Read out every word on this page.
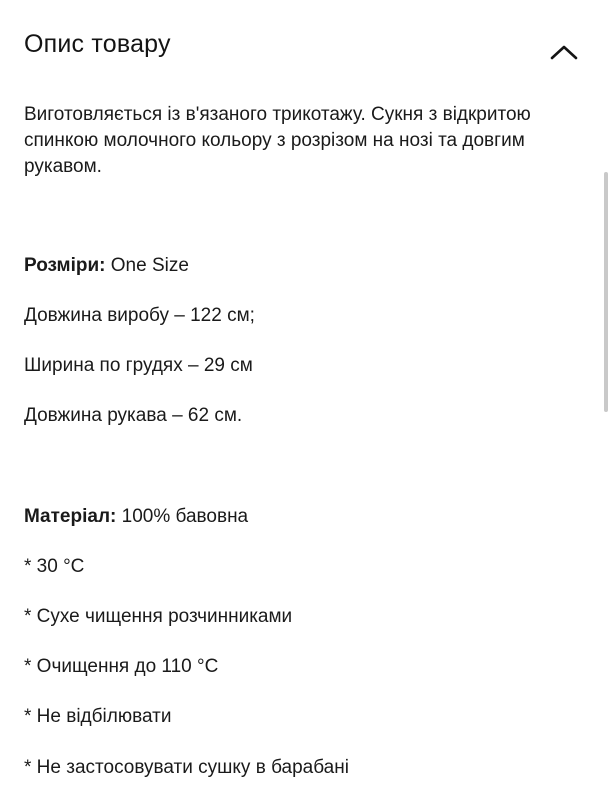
Опис товару

Виготовляється із в'язаного трикотажу. Сукня з відкритою спинкою молочного кольору з розрізом на нозі та довгим рукавом.

Розміри: One Size
Довжина виробу – 122 см;
Ширина по грудях – 29 см
Довжина рукава – 62 см.
Матеріал: 100% бавовна
* 30 °C
* Сухе чищення розчинниками
* Очищення до 110 °C
* Не відбілювати
* Не застосовувати сушку в барабані
